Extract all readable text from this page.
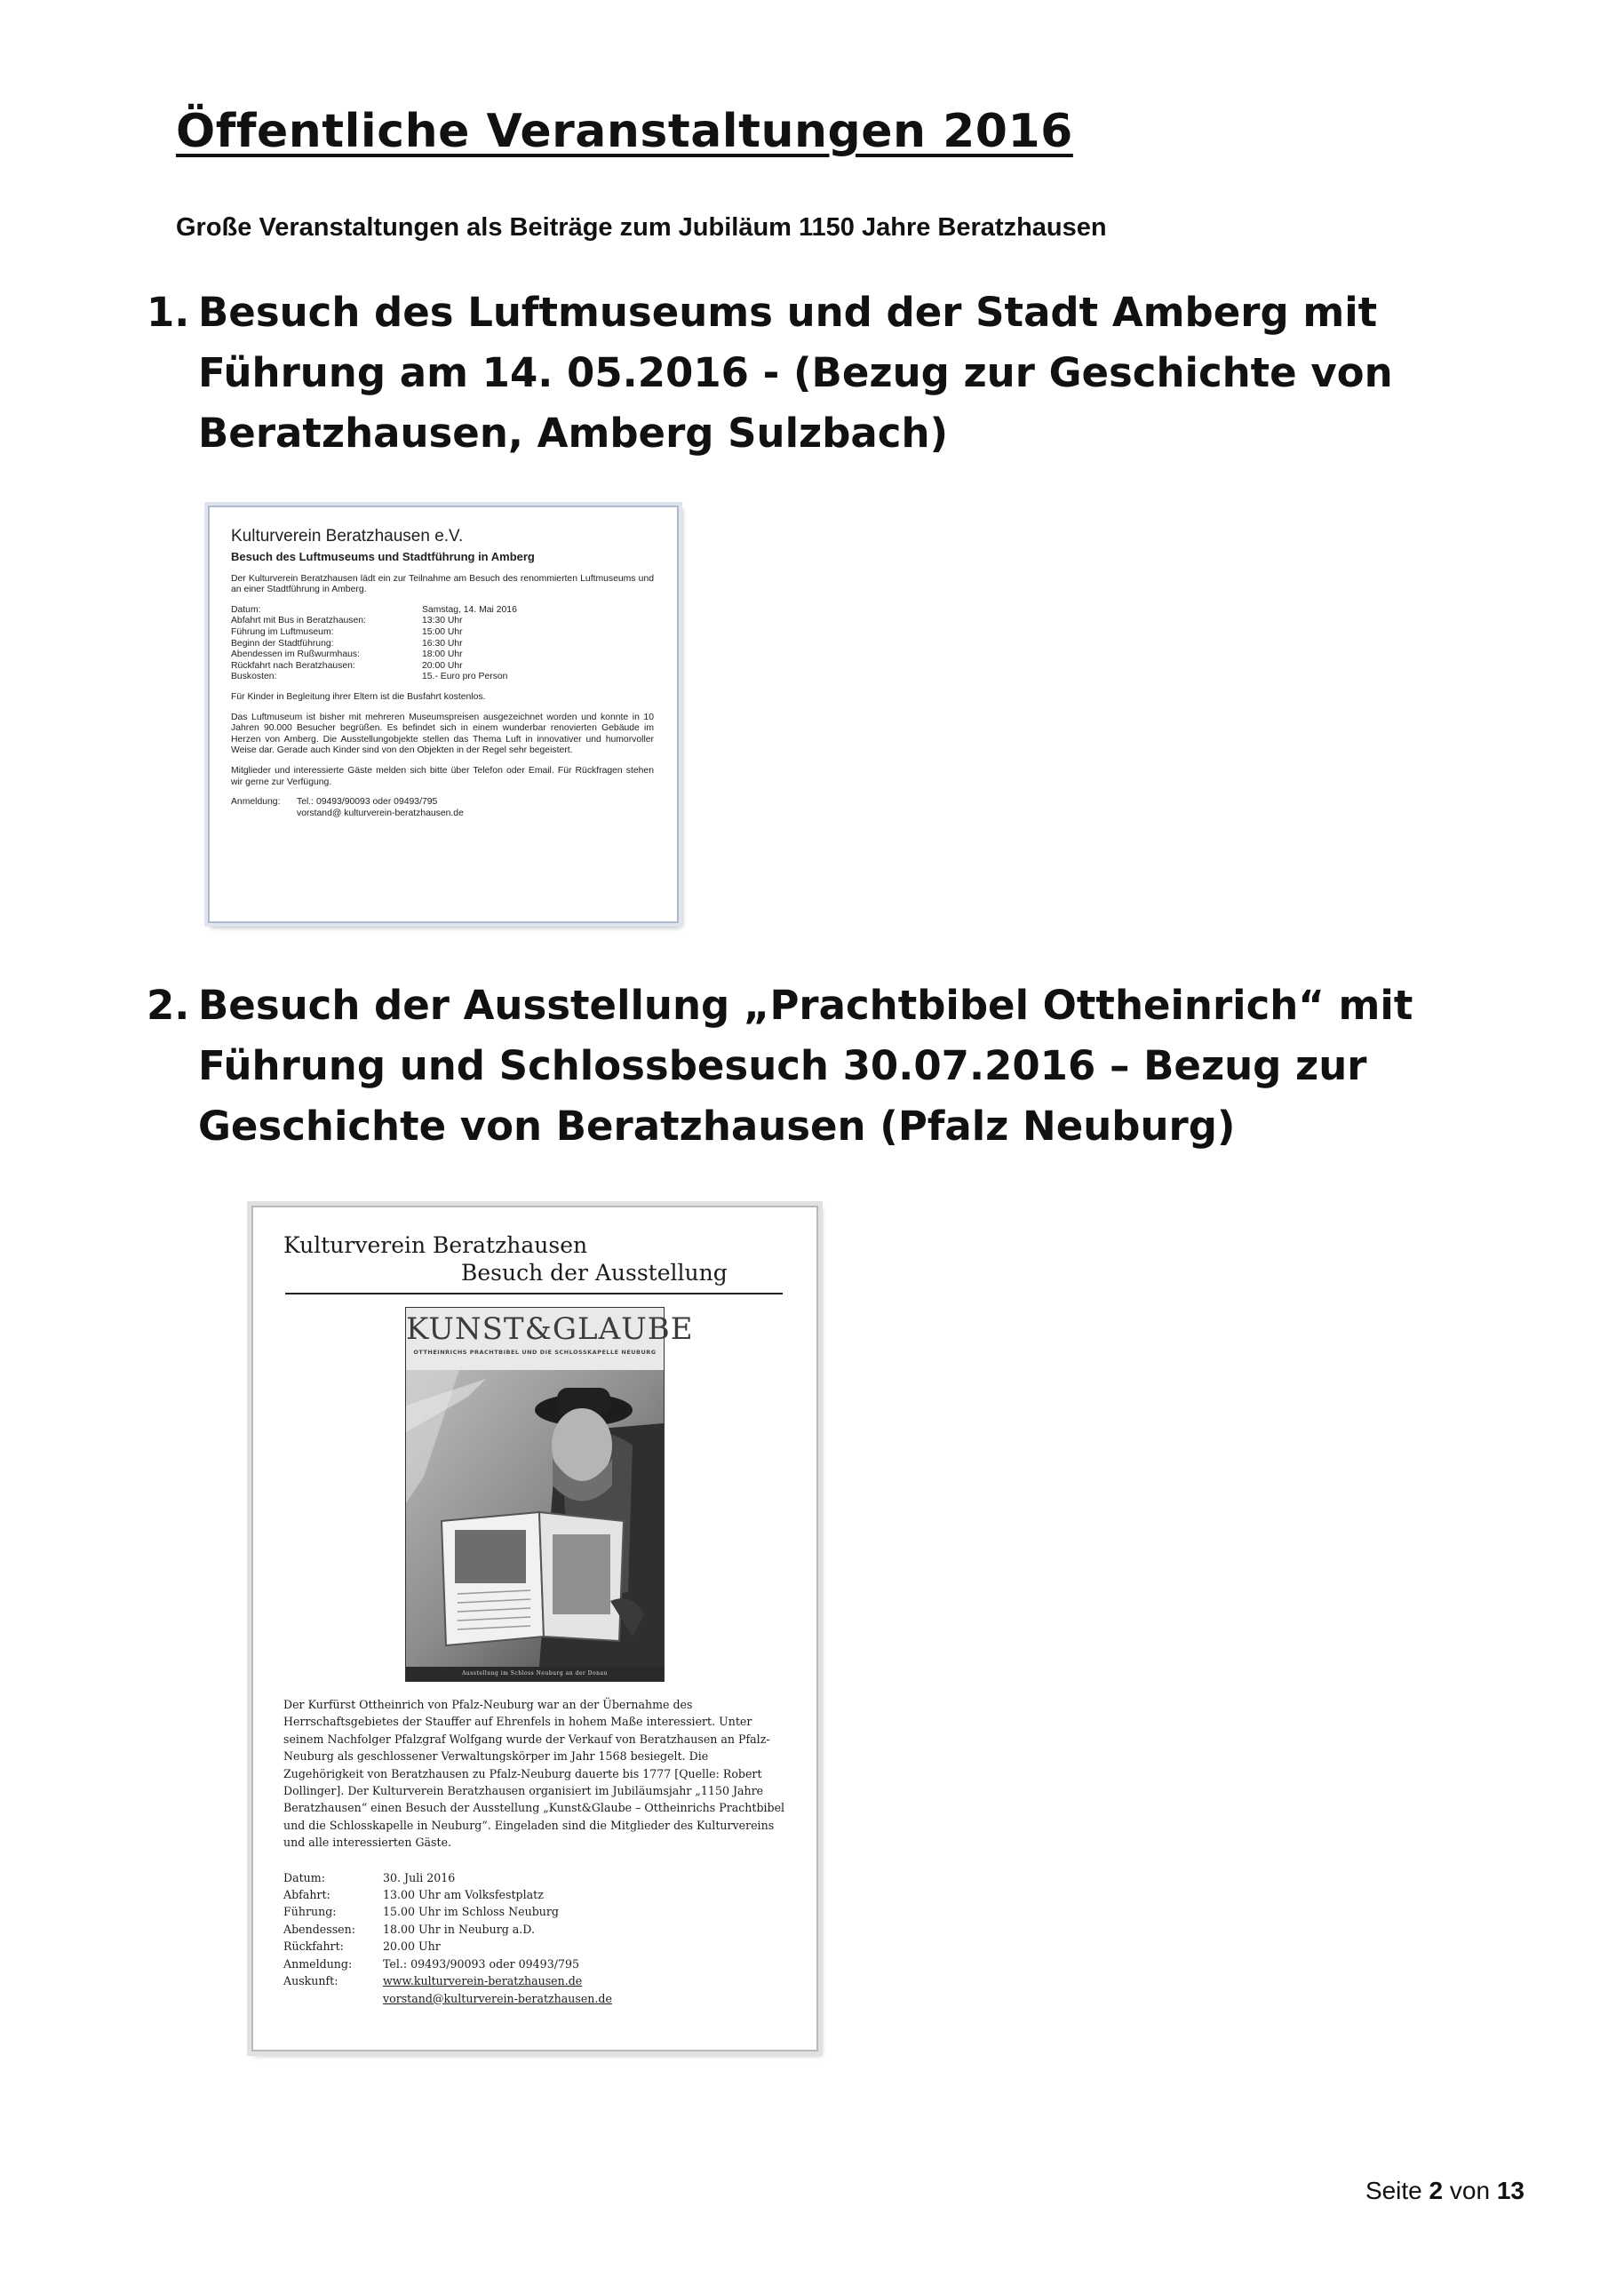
Öffentliche Veranstaltungen 2016

Große Veranstaltungen als Beiträge zum Jubiläum 1150 Jahre Beratzhausen

1. Besuch des Luftmuseums und der Stadt Amberg mit Führung am 14. 05.2016 - (Bezug zur Geschichte von Beratzhausen, Amberg Sulzbach)
Kulturverein Beratzhausen e.V.
Besuch des Luftmuseums und Stadtführung in Amberg

Der Kulturverein Beratzhausen lädt ein zur Teilnahme am Besuch des renommierten Luftmuseums und an einer Stadtführung in Amberg.

Datum:	Samstag, 14. Mai 2016
Abfahrt mit Bus in Beratzhausen:	13:30 Uhr
Führung im Luftmuseum:	15:00 Uhr
Beginn der Stadtführung:	16:30 Uhr
Abendessen im Rußwurmhaus:	18:00 Uhr
Rückfahrt nach Beratzhausen:	20:00 Uhr
Buskosten:	15.- Euro pro Person

Für Kinder in Begleitung ihrer Eltern ist die Busfahrt kostenlos.

Das Luftmuseum ist bisher mit mehreren Museumspreisen ausgezeichnet worden und konnte in 10 Jahren 90.000 Besucher begrüßen. Es befindet sich in einem wunderbar renovierten Gebäude im Herzen von Amberg. Die Ausstellungobjekte stellen das Thema Luft in innovativer und humorvoller Weise dar. Gerade auch Kinder sind von den Objekten in der Regel sehr begeistert.

Mitglieder und interessierte Gäste melden sich bitte über Telefon oder Email. Für Rückfragen stehen wir gerne zur Verfügung.

Anmeldung:	Tel.: 09493/90093 oder 09493/795
vorstand@ kulturverein-beratzhausen.de
2. Besuch der Ausstellung „Prachtbibel Ottheinrich“ mit Führung und Schlossbesuch 30.07.2016 – Bezug zur Geschichte von Beratzhausen (Pfalz Neuburg)
Kulturverein Beratzhausen
Besuch der Ausstellung
KUNST&GLAUBE
OTTHEINRICHS PRACHTBIBEL UND DIE SCHLOSSKAPELLE NEUBURG
Ausstellung im Schloss Neuburg an der Donau

Der Kurfürst Ottheinrich von Pfalz-Neuburg war an der Übernahme des Herrschaftsgebietes der Stauffer auf Ehrenfels in hohem Maße interessiert. Unter seinem Nachfolger Pfalzgraf Wolfgang wurde der Verkauf von Beratzhausen an Pfalz-Neuburg als geschlossener Verwaltungskörper im Jahr 1568 besiegelt. Die Zugehörigkeit von Beratzhausen zu Pfalz-Neuburg dauerte bis 1777 [Quelle: Robert Dollinger]. Der Kulturverein Beratzhausen organisiert im Jubiläumsjahr „1150 Jahre Beratzhausen“ einen Besuch der Ausstellung „Kunst&Glaube – Ottheinrichs Prachtbibel und die Schlosskapelle in Neuburg“. Eingeladen sind die Mitglieder des Kulturvereins und alle interessierten Gäste.

Datum:	30. Juli 2016
Abfahrt:	13.00 Uhr am Volksfestplatz
Führung:	15.00 Uhr im Schloss Neuburg
Abendessen:	18.00 Uhr in Neuburg a.D.
Rückfahrt:	20.00 Uhr
Anmeldung:	Tel.: 09493/90093 oder 09493/795
Auskunft:	www.kulturverein-beratzhausen.de
vorstand@kulturverein-beratzhausen.de
Seite 2 von 13
